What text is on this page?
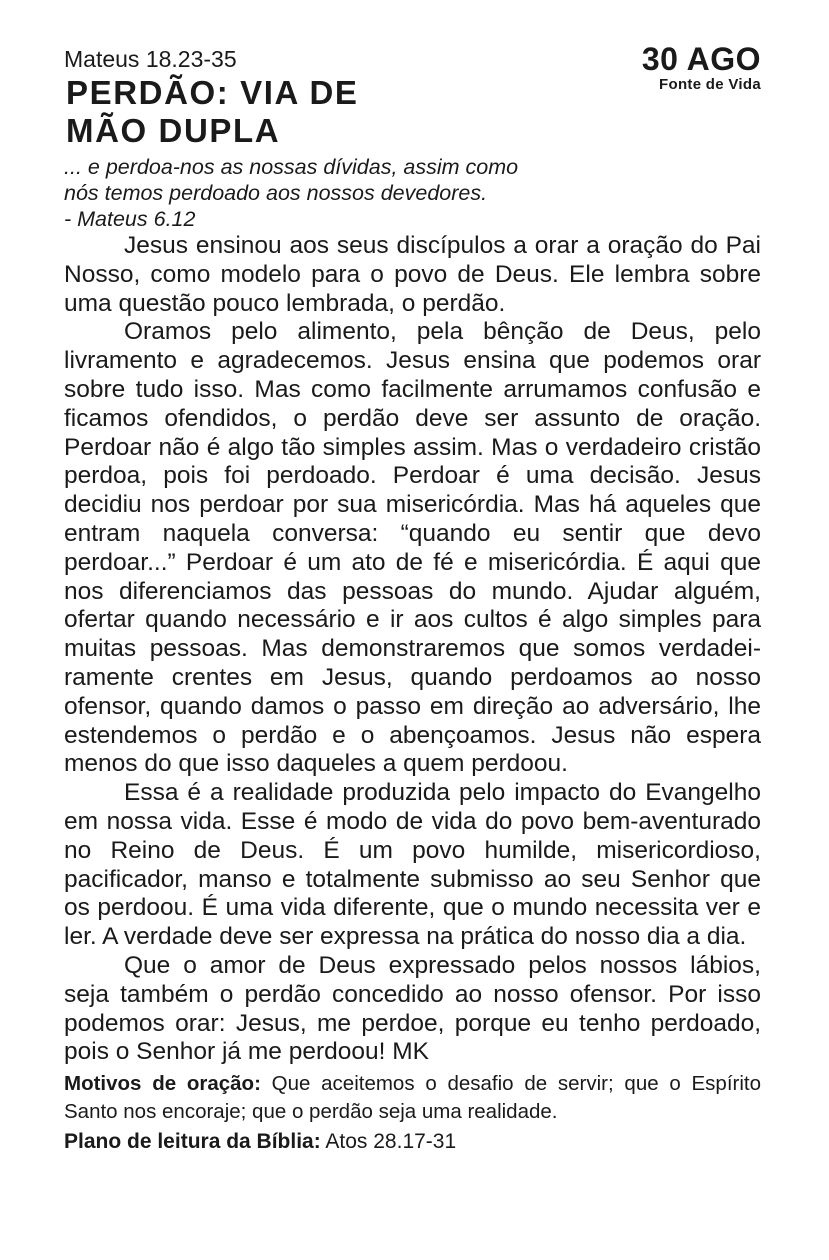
Mateus 18.23-35
PERDÃO: VIA DE
MÃO DUPLA
30 AGO
Fonte de Vida
... e perdoa-nos as nossas dívidas, assim como
nós temos perdoado aos nossos devedores.
- Mateus 6.12

Jesus ensinou aos seus discípulos a orar a oração do Pai Nosso, como modelo para o povo de Deus. Ele lembra sobre uma questão pouco lembrada, o perdão.

Oramos pelo alimento, pela bênção de Deus, pelo livramento e agradecemos. Jesus ensina que podemos orar sobre tudo isso. Mas como facilmente arrumamos confusão e ficamos ofendidos, o perdão deve ser assunto de oração. Perdoar não é algo tão simples assim. Mas o verdadeiro cristão perdoa, pois foi perdoado. Perdoar é uma decisão. Jesus decidiu nos perdoar por sua misericórdia. Mas há aqueles que entram naquela conversa: “quando eu sentir que devo perdoar...” Perdoar é um ato de fé e misericórdia. É aqui que nos diferenciamos das pessoas do mundo. Ajudar alguém, ofertar quando necessário e ir aos cultos é algo simples para muitas pessoas. Mas demonstraremos que somos verdadei-ramente crentes em Jesus, quando perdoamos ao nosso ofensor, quando damos o passo em direção ao adversário, lhe estendemos o perdão e o abençoamos. Jesus não espera menos do que isso daqueles a quem perdoou.

Essa é a realidade produzida pelo impacto do Evangelho em nossa vida. Esse é modo de vida do povo bem-aventurado no Reino de Deus. É um povo humilde, misericordioso, pacificador, manso e totalmente submisso ao seu Senhor que os perdoou. É uma vida diferente, que o mundo necessita ver e ler. A verdade deve ser expressa na prática do nosso dia a dia.

Que o amor de Deus expressado pelos nossos lábios, seja também o perdão concedido ao nosso ofensor. Por isso podemos orar: Jesus, me perdoe, porque eu tenho perdoado, pois o Senhor já me perdoou! MK

Motivos de oração: Que aceitemos o desafio de servir; que o Espírito Santo nos encoraje; que o perdão seja uma realidade.
Plano de leitura da Bíblia: Atos 28.17-31
